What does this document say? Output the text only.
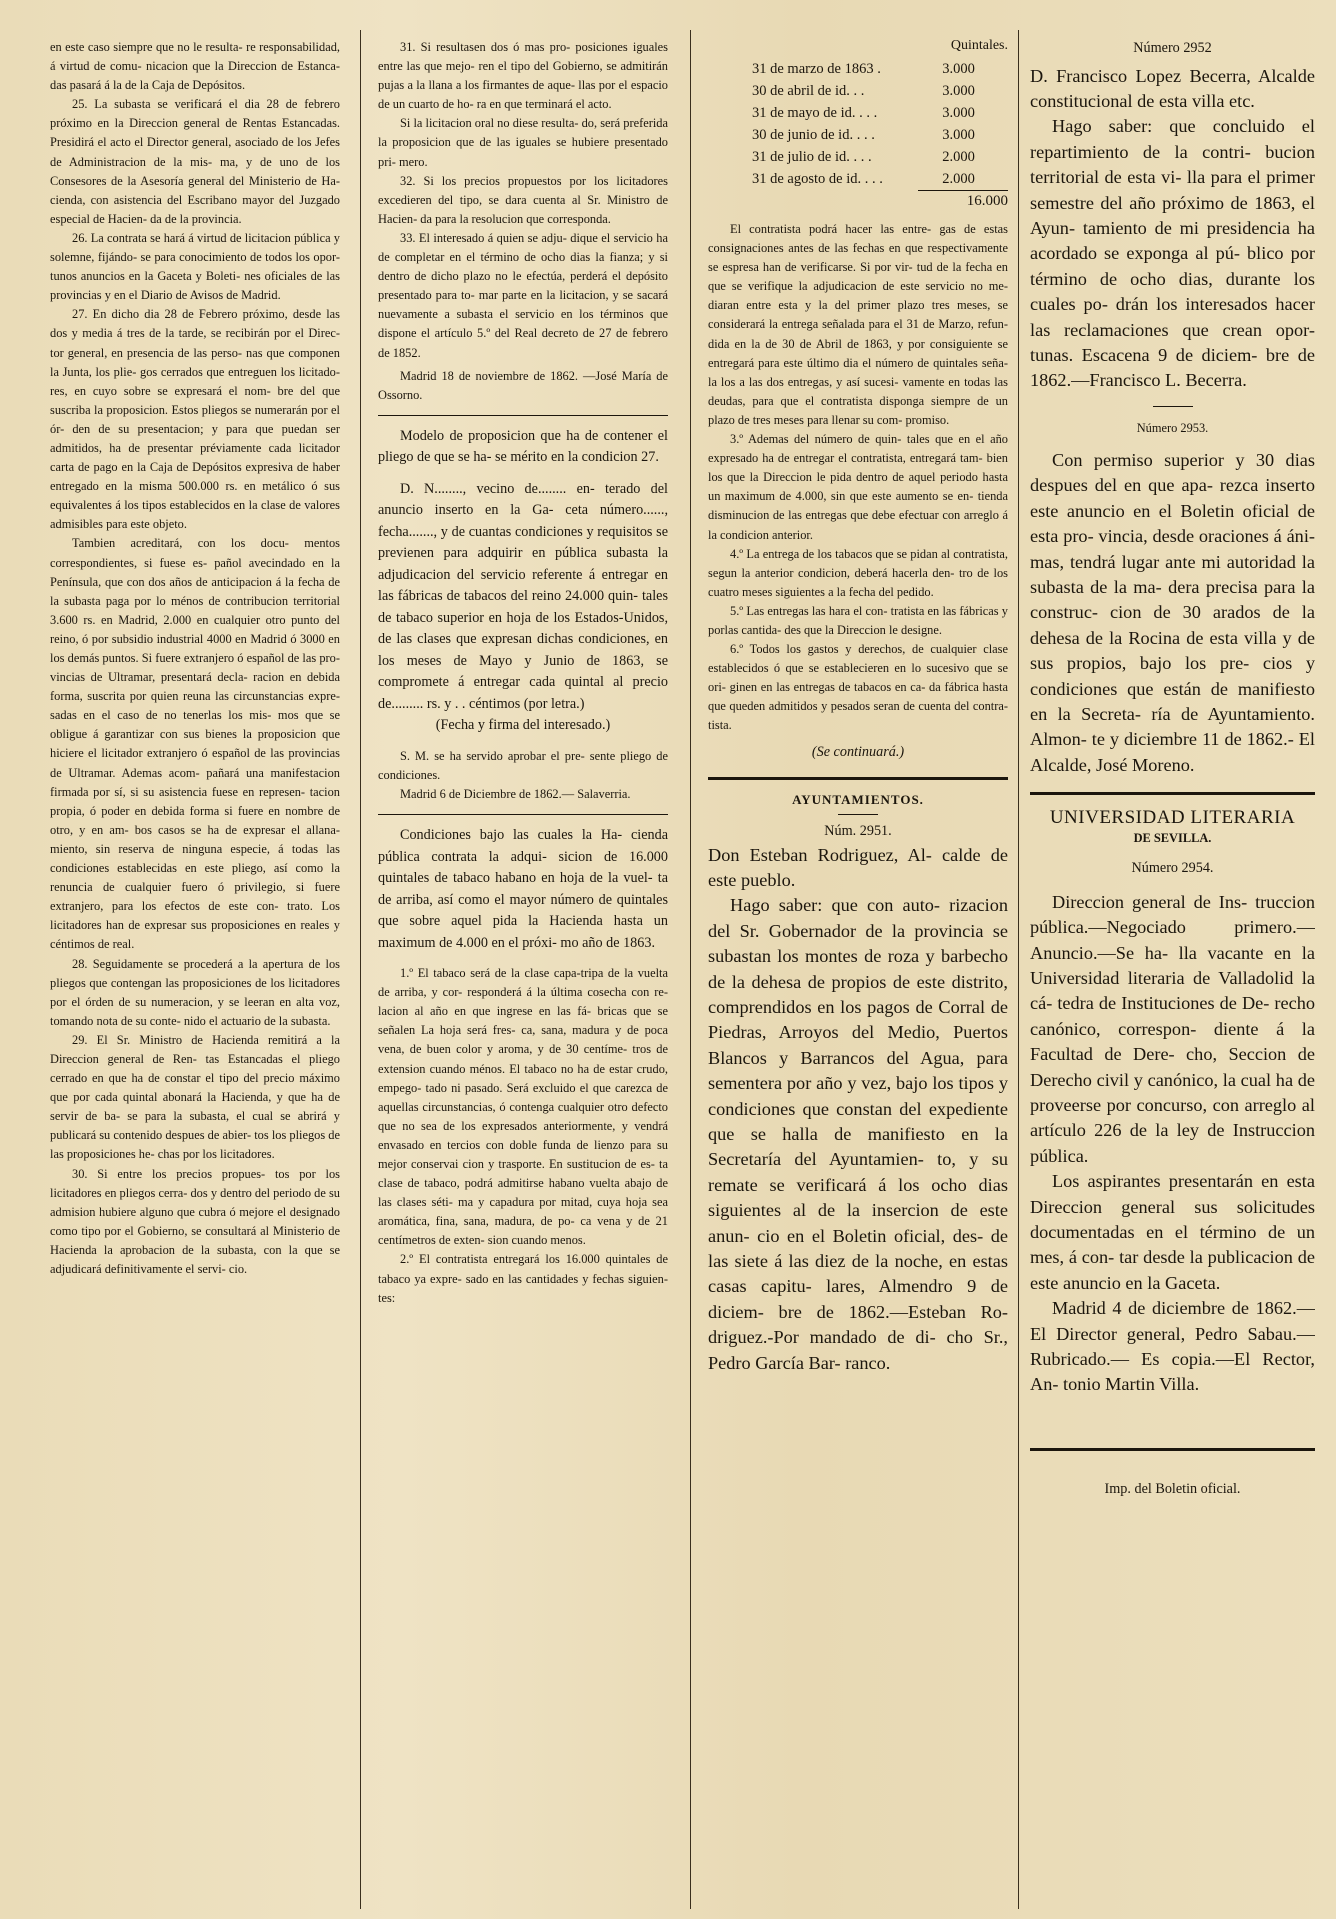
en este caso siempre que no le resulta- re responsabilidad, á virtud de comu- nicacion que la Direccion de Estanca- das pasará á la de la Caja de Depósitos.

25. La subasta se verificará el dia 28 de febrero próximo en la Direccion general de Rentas Estancadas. Presidirá el acto el Director general, asociado de los Jefes de Administracion de la mis- ma, y de uno de los Consesores de la Asesoría general del Ministerio de Ha- cienda, con asistencia del Escribano mayor del Juzgado especial de Hacien- da de la provincia.

26. La contrata se hará á virtud de licitacion pública y solemne, fijándo- se para conocimiento de todos los opor- tunos anuncios en la Gaceta y Boleti- nes oficiales de las provincias y en el Diario de Avisos de Madrid.

27. En dicho dia 28 de Febrero próximo, desde las dos y media á tres de la tarde, se recibirán por el Direc- tor general, en presencia de las perso- nas que componen la Junta, los plie- gos cerrados que entreguen los licitado- res, en cuyo sobre se expresará el nom- bre del que suscriba la proposicion. Estos pliegos se numerarán por el ór- den de su presentacion; y para que puedan ser admitidos, ha de presentar préviamente cada licitador carta de pago en la Caja de Depósitos expresiva de haber entregado en la misma 500.000 rs. en metálico ó sus equivalentes á los tipos establecidos en la clase de valores admisibles para este objeto.

Tambien acreditará, con los docu- mentos correspondientes, si fuese es- pañol avecindado en la Península, que con dos años de anticipacion á la fecha de la subasta paga por lo ménos de contribucion territorial 3.600 rs. en Madrid, 2.000 en cualquier otro punto del reino, ó por subsidio industrial 4000 en Madrid ó 3000 en los demás puntos. Si fuere extranjero ó español de las pro- vincias de Ultramar, presentará decla- racion en debida forma, suscrita por quien reuna las circunstancias expre- sadas en el caso de no tenerlas los mis- mos que se obligue á garantizar con sus bienes la proposicion que hiciere el licitador extranjero ó español de las provincias de Ultramar. Ademas acom- pañará una manifestacion firmada por sí, si su asistencia fuese en represen- tacion propia, ó poder en debida forma si fuere en nombre de otro, y en am- bos casos se ha de expresar el allana- miento, sin reserva de ninguna especie, á todas las condiciones establecidas en este pliego, así como la renuncia de cualquier fuero ó privilegio, si fuere extranjero, para los efectos de este con- trato. Los licitadores han de expresar sus proposiciones en reales y céntimos de real.

28. Seguidamente se procederá a la apertura de los pliegos que contengan las proposiciones de los licitadores por el órden de su numeracion, y se leeran en alta voz, tomando nota de su conte- nido el actuario de la subasta.

29. El Sr. Ministro de Hacienda remitirá a la Direccion general de Ren- tas Estancadas el pliego cerrado en que ha de constar el tipo del precio máximo que por cada quintal abonará la Hacienda, y que ha de servir de ba- se para la subasta, el cual se abrirá y publicará su contenido despues de abier- tos los pliegos de las proposiciones he- chas por los licitadores.

30. Si entre los precios propues- tos por los licitadores en pliegos cerra- dos y dentro del periodo de su admision hubiere alguno que cubra ó mejore el designado como tipo por el Gobierno, se consultará al Ministerio de Hacienda la aprobacion de la subasta, con la que se adjudicará definitivamente el servi- cio.

31. Si resultasen dos ó mas pro- posiciones iguales entre las que mejo- ren el tipo del Gobierno, se admitirán pujas a la llana a los firmantes de aque- llas por el espacio de un cuarto de ho- ra en que terminará el acto.

Si la licitacion oral no diese resulta- do, será preferida la proposicion que de las iguales se hubiere presentado pri- mero.

32. Si los precios propuestos por los licitadores excedieren del tipo, se dara cuenta al Sr. Ministro de Hacien- da para la resolucion que corresponda.

33. El interesado á quien se adju- dique el servicio ha de completar en el término de ocho dias la fianza; y si dentro de dicho plazo no le efectúa, perderá el depósito presentado para to- mar parte en la licitacion, y se sacará nuevamente a subasta el servicio en los términos que dispone el artículo 5.º del Real decreto de 27 de febrero de 1852.

Madrid 18 de noviembre de 1862. —José María de Ossorno.

Modelo de proposicion que ha de contener el pliego de que se ha- se mérito en la condicion 27.

D. N........, vecino de........ en- terado del anuncio inserto en la Ga- ceta número......, fecha......., y de cuantas condiciones y requisitos se previenen para adquirir en pública subasta la adjudicacion del servicio referente á entregar en las fábricas de tabacos del reino 24.000 quin- tales de tabaco superior en hoja de los Estados-Unidos, de las clases que expresan dichas condiciones, en los meses de Mayo y Junio de 1863, se compromete á entregar cada quintal al precio de......... rs. y . . céntimos (por letra.)

(Fecha y firma del interesado.)

S. M. se ha servido aprobar el pre- sente pliego de condiciones.

Madrid 6 de Diciembre de 1862.— Salaverria.

Condiciones bajo las cuales la Ha- cienda pública contrata la adqui- sicion de 16.000 quintales de tabaco habano en hoja de la vuel- ta de arriba, así como el mayor número de quintales que sobre aquel pida la Hacienda hasta un maximum de 4.000 en el próxi- mo año de 1863.

1.º El tabaco será de la clase capa-tripa de la vuelta de arriba, y cor- responderá á la última cosecha con re- lacion al año en que ingrese en las fá- bricas que se señalen La hoja será fres- ca, sana, madura y de poca vena, de buen color y aroma, y de 30 centíme- tros de extension cuando ménos. El tabaco no ha de estar crudo, empego- tado ni pasado. Será excluido el que carezca de aquellas circunstancias, ó contenga cualquier otro defecto que no sea de los expresados anteriormente, y vendrá envasado en tercios con doble funda de lienzo para su mejor conservai cion y trasporte. En sustitucion de es- ta clase de tabaco, podrá admitirse habano vuelta abajo de las clases séti- ma y capadura por mitad, cuya hoja sea aromática, fina, sana, madura, de po- ca vena y de 21 centímetros de exten- sion cuando menos.

2.º El contratista entregará los 16.000 quintales de tabaco ya expre- sado en las cantidades y fechas siguien- tes:

Quintales.
31 de marzo de 1863 .	3.000
30 de abril de id. . .	3.000
31 de mayo de id. . . .	3.000
30 de junio de id. . . .	3.000
31 de julio de id. . . .	2.000
31 de agosto de id. . . .	2.000
16.000

El contratista podrá hacer las entre- gas de estas consignaciones antes de las fechas en que respectivamente se espresa han de verificarse. Si por vir- tud de la fecha en que se verifique la adjudicacion de este servicio no me- diaran entre esta y la del primer plazo tres meses, se considerará la entrega señalada para el 31 de Marzo, refun- dida en la de 30 de Abril de 1863, y por consiguiente se entregará para este último dia el número de quintales seña- la los a las dos entregas, y así sucesi- vamente en todas las deudas, para que el contratista disponga siempre de un plazo de tres meses para llenar su com- promiso.

3.º Ademas del número de quin- tales que en el año expresado ha de entregar el contratista, entregará tam- bien los que la Direccion le pida dentro de aquel periodo hasta un maximum de 4.000, sin que este aumento se en- tienda disminucion de las entregas que debe efectuar con arreglo á la condicion anterior.

4.º La entrega de los tabacos que se pidan al contratista, segun la anterior condicion, deberá hacerla den- tro de los cuatro meses siguientes a la fecha del pedido.

5.º Las entregas las hara el con- tratista en las fábricas y porlas cantida- des que la Direccion le designe.

6.º Todos los gastos y derechos, de cualquier clase establecidos ó que se establecieren en lo sucesivo que se ori- ginen en las entregas de tabacos en ca- da fábrica hasta que queden admitidos y pesados seran de cuenta del contra- tista.

(Se continuará.)

AYUNTAMIENTOS.

Núm. 2951.

Don Esteban Rodriguez, Al- calde de este pueblo.

Hago saber: que con auto- rizacion del Sr. Gobernador de la provincia se subastan los montes de roza y barbecho de la dehesa de propios de este distrito, comprendidos en los pagos de Corral de Piedras, Arroyos del Medio, Puertos Blancos y Barrancos del Agua, para sementera por año y vez, bajo los tipos y condiciones que constan del expediente que se halla de manifiesto en la Secretaría del Ayuntamien- to, y su remate se verificará á los ocho dias siguientes al de la insercion de este anun- cio en el Boletin oficial, des- de las siete á las diez de la noche, en estas casas capitu- lares, Almendro 9 de diciem- bre de 1862.—Esteban Ro- driguez.-Por mandado de di- cho Sr., Pedro García Bar- ranco.

Número 2952

D. Francisco Lopez Becerra, Alcalde constitucional de esta villa etc.

Hago saber: que concluido el repartimiento de la contri- bucion territorial de esta vi- lla para el primer semestre del año próximo de 1863, el Ayun- tamiento de mi presidencia ha acordado se exponga al pú- blico por término de ocho dias, durante los cuales po- drán los interesados hacer las reclamaciones que crean opor- tunas. Escacena 9 de diciem- bre de 1862.—Francisco L. Becerra.

Número 2953.

Con permiso superior y 30 dias despues del en que apa- rezca inserto este anuncio en el Boletin oficial de esta pro- vincia, desde oraciones á áni- mas, tendrá lugar ante mi autoridad la subasta de la ma- dera precisa para la construc- cion de 30 arados de la dehesa de la Rocina de esta villa y de sus propios, bajo los pre- cios y condiciones que están de manifiesto en la Secreta- ría de Ayuntamiento. Almon- te y diciembre 11 de 1862.- El Alcalde, José Moreno.

UNIVERSIDAD LITERARIA

DE SEVILLA.

Número 2954.

Direccion general de Ins- truccion pública.—Negociado primero.—Anuncio.—Se ha- lla vacante en la Universidad literaria de Valladolid la cá- tedra de Instituciones de De- recho canónico, correspon- diente á la Facultad de Dere- cho, Seccion de Derecho civil y canónico, la cual ha de proveerse por concurso, con arreglo al artículo 226 de la ley de Instruccion pública.

Los aspirantes presentarán en esta Direccion general sus solicitudes documentadas en el término de un mes, á con- tar desde la publicacion de este anuncio en la Gaceta.

Madrid 4 de diciembre de 1862.—El Director general, Pedro Sabau.—Rubricado.— Es copia.—El Rector, An- tonio Martin Villa.

Imp. del Boletin oficial.
